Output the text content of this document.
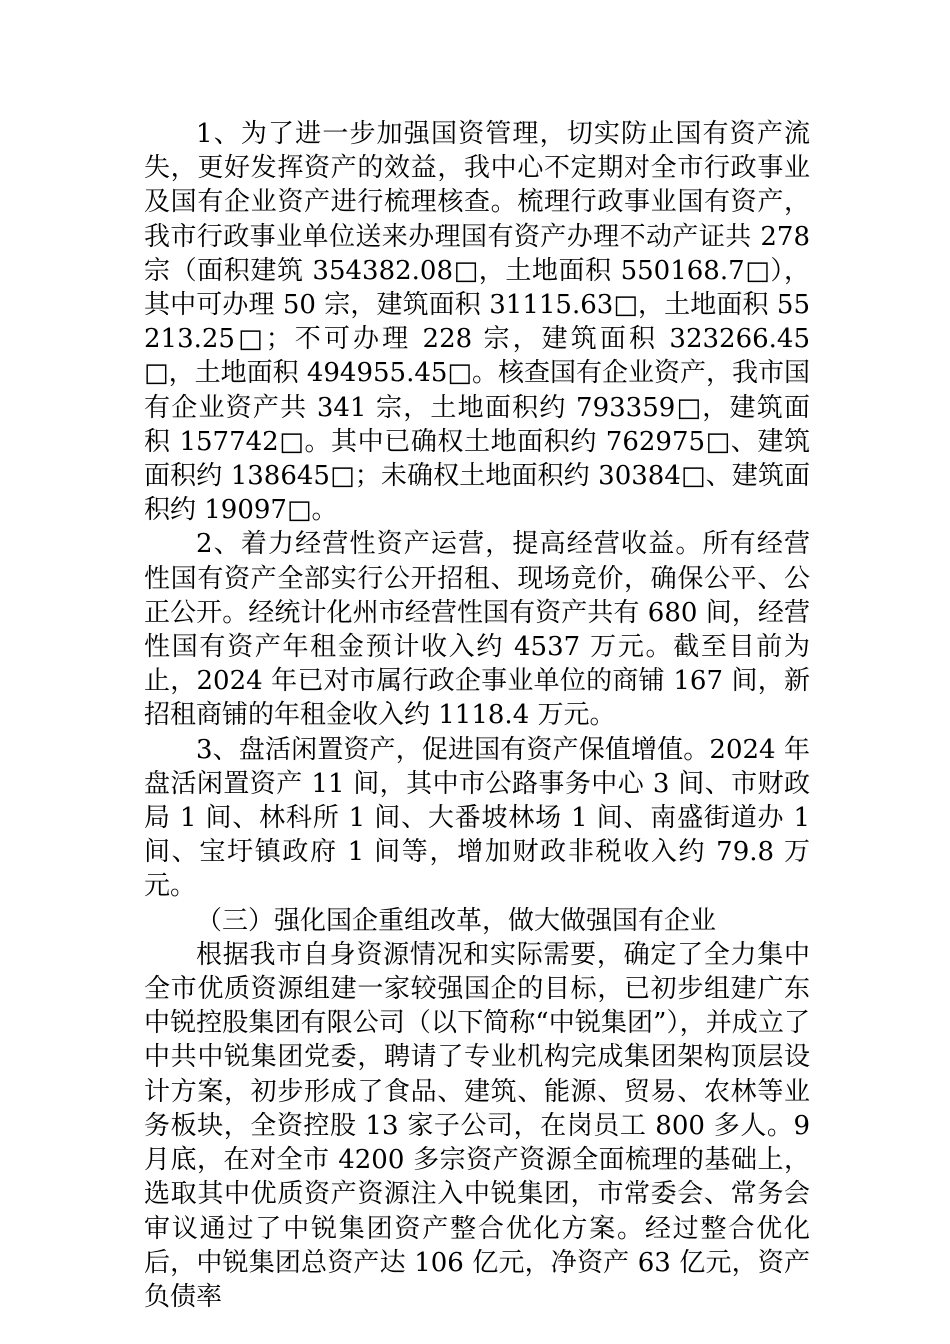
1、为了进一步加强国资管理，切实防止国有资产流失，更好发挥资产的效益，我中心不定期对全市行政事业及国有企业资产进行梳理核查。梳理行政事业国有资产，我市行政事业单位送来办理国有资产办理不动产证共 278 宗（面积建筑 354382.08□，土地面积 550168.7□），其中可办理 50 宗，建筑面积 31115.63□，土地面积 55213.25□；不可办理 228 宗，建筑面积 323266.45□，土地面积 494955.45□。核查国有企业资产，我市国有企业资产共 341 宗，土地面积约 793359□，建筑面积 157742□。其中已确权土地面积约 762975□、建筑面积约 138645□；未确权土地面积约 30384□、建筑面积约 19097□。

2、着力经营性资产运营，提高经营收益。所有经营性国有资产全部实行公开招租、现场竞价，确保公平、公正公开。经统计化州市经营性国有资产共有 680 间，经营性国有资产年租金预计收入约 4537 万元。截至目前为止，2024 年已对市属行政企事业单位的商铺 167 间，新招租商铺的年租金收入约 1118.4 万元。

3、盘活闲置资产，促进国有资产保值增值。2024 年盘活闲置资产 11 间，其中市公路事务中心 3 间、市财政局 1 间、林科所 1 间、大番坡林场 1 间、南盛街道办 1 间、宝圩镇政府 1 间等，增加财政非税收入约 79.8 万元。

（三）强化国企重组改革，做大做强国有企业

根据我市自身资源情况和实际需要，确定了全力集中全市优质资源组建一家较强国企的目标，已初步组建广东中锐控股集团有限公司（以下简称“中锐集团”），并成立了中共中锐集团党委，聘请了专业机构完成集团架构顶层设计方案，初步形成了食品、建筑、能源、贸易、农林等业务板块，全资控股 13 家子公司，在岗员工 800 多人。9 月底，在对全市 4200 多宗资产资源全面梳理的基础上，选取其中优质资产资源注入中锐集团，市常委会、常务会审议通过了中锐集团资产整合优化方案。经过整合优化后，中锐集团总资产达 106 亿元，净资产 63 亿元，资产负债率
